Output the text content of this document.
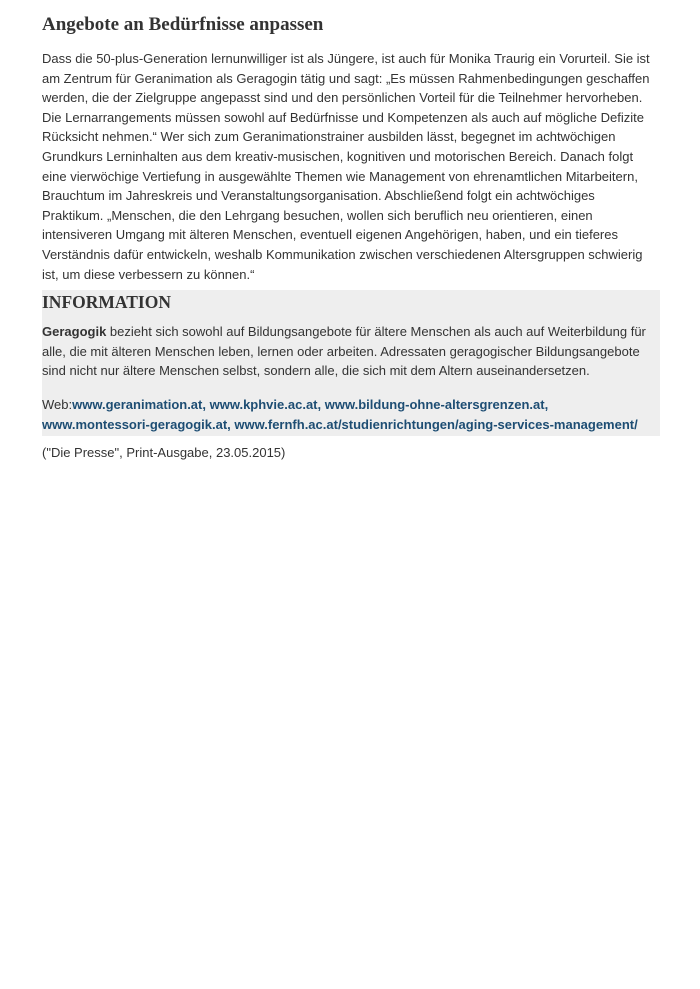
Angebote an Bedürfnisse anpassen
Dass die 50-plus-Generation lernunwilliger ist als Jüngere, ist auch für Monika Traurig ein Vorurteil. Sie ist
am Zentrum für Geranimation als Geragogin tätig und sagt: „Es müssen Rahmenbedingungen geschaffen
werden, die der Zielgruppe angepasst sind und den persönlichen Vorteil für die Teilnehmer hervorheben.
Die Lernarrangements müssen sowohl auf Bedürfnisse und Kompetenzen als auch auf mögliche Defizite
Rücksicht nehmen.“ Wer sich zum Geranimationstrainer ausbilden lässt, begegnet im achtwöchigen
Grundkurs Lerninhalten aus dem kreativ-musischen, kognitiven und motorischen Bereich. Danach folgt
eine vierwöchige Vertiefung in ausgewählte Themen wie Management von ehrenamtlichen Mitarbeitern,
Brauchtum im Jahreskreis und Veranstaltungsorganisation. Abschließend folgt ein achtwöchiges
Praktikum. „Menschen, die den Lehrgang besuchen, wollen sich beruflich neu orientieren, einen
intensiveren Umgang mit älteren Menschen, eventuell eigenen Angehörigen, haben, und ein tieferes
Verständnis dafür entwickeln, weshalb Kommunikation zwischen verschiedenen Altersgruppen schwierig
ist, um diese verbessern zu können.“
INFORMATION
Geragogik bezieht sich sowohl auf Bildungsangebote für ältere Menschen als auch auf Weiterbildung für
alle, die mit älteren Menschen leben, lernen oder arbeiten. Adressaten geragogischer Bildungsangebote
sind nicht nur ältere Menschen selbst, sondern alle, die sich mit dem Altern auseinandersetzen.
Web:www.geranimation.at, www.kphvie.ac.at, www.bildung-ohne-altersgrenzen.at,
www.montessori-geragogik.at, www.fernfh.ac.at/studienrichtungen/aging-services-management/
("Die Presse", Print-Ausgabe, 23.05.2015)
